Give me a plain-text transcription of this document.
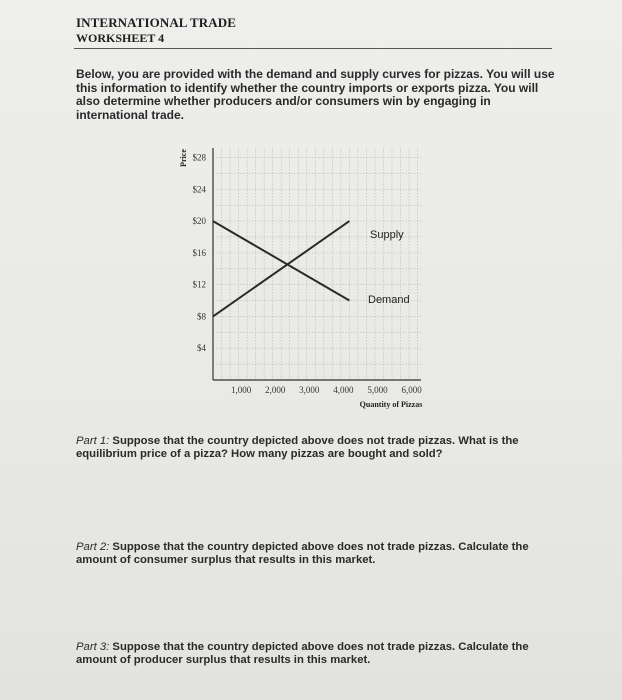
INTERNATIONAL TRADE
WORKSHEET 4
Below, you are provided with the demand and supply curves for pizzas. You will use this information to identify whether the country imports or exports pizza. You will also determine whether producers and/or consumers win by engaging in international trade.
$4
$8
$12
$16
$20
$24
$28
1,000 2,000 3,000 4,000 5,000 6,000
Price
Quantity of Pizzas
Supply
Demand
Part 1: Suppose that the country depicted above does not trade pizzas. What is the equilibrium price of a pizza? How many pizzas are bought and sold?
Part 2: Suppose that the country depicted above does not trade pizzas. Calculate the amount of consumer surplus that results in this market.
Part 3: Suppose that the country depicted above does not trade pizzas. Calculate the amount of producer surplus that results in this market.
